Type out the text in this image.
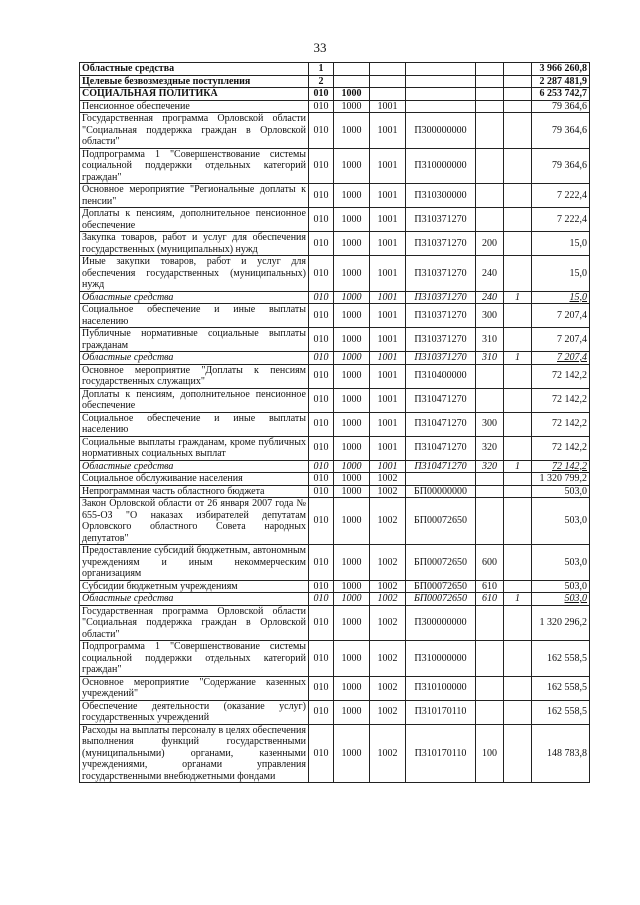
33
Областные средства	1						3 966 260,8
Целевые безвозмездные поступления	2						2 287 481,9
СОЦИАЛЬНАЯ ПОЛИТИКА	010	1000					6 253 742,7
Пенсионное обеспечение	010	1000	1001				79 364,6
Государственная программа Орловской области "Социальная поддержка граждан в Орловской области"	010	1000	1001	П300000000			79 364,6
Подпрограмма 1 "Совершенствование системы социальной поддержки отдельных категорий граждан"	010	1000	1001	П310000000			79 364,6
Основное мероприятие "Региональные доплаты к пенсии"	010	1000	1001	П310300000			7 222,4
Доплаты к пенсиям, дополнительное пенсионное обеспечение	010	1000	1001	П310371270			7 222,4
Закупка товаров, работ и услуг для обеспечения государственных (муниципальных) нужд	010	1000	1001	П310371270	200		15,0
Иные закупки товаров, работ и услуг для обеспечения государственных (муниципальных) нужд	010	1000	1001	П310371270	240		15,0
Областные средства	010	1000	1001	П310371270	240	1	15,0
Социальное обеспечение и иные выплаты населению	010	1000	1001	П310371270	300		7 207,4
Публичные нормативные социальные выплаты гражданам	010	1000	1001	П310371270	310		7 207,4
Областные средства	010	1000	1001	П310371270	310	1	7 207,4
Основное мероприятие "Доплаты к пенсиям государственных служащих"	010	1000	1001	П310400000			72 142,2
Доплаты к пенсиям, дополнительное пенсионное обеспечение	010	1000	1001	П310471270			72 142,2
Социальное обеспечение и иные выплаты населению	010	1000	1001	П310471270	300		72 142,2
Социальные выплаты гражданам, кроме публичных нормативных социальных выплат	010	1000	1001	П310471270	320		72 142,2
Областные средства	010	1000	1001	П310471270	320	1	72 142,2
Социальное обслуживание населения	010	1000	1002				1 320 799,2
Непрограммная часть областного бюджета	010	1000	1002	БП00000000			503,0
Закон Орловской области от 26 января 2007 года № 655-ОЗ "О наказах избирателей депутатам Орловского областного Совета народных депутатов"	010	1000	1002	БП00072650			503,0
Предоставление субсидий бюджетным, автономным учреждениям и иным некоммерческим организациям	010	1000	1002	БП00072650	600		503,0
Субсидии бюджетным учреждениям	010	1000	1002	БП00072650	610		503,0
Областные средства	010	1000	1002	БП00072650	610	1	503,0
Государственная программа Орловской области "Социальная поддержка граждан в Орловской области"	010	1000	1002	П300000000			1 320 296,2
Подпрограмма 1 "Совершенствование системы социальной поддержки отдельных категорий граждан"	010	1000	1002	П310000000			162 558,5
Основное мероприятие "Содержание казенных учреждений"	010	1000	1002	П310100000			162 558,5
Обеспечение деятельности (оказание услуг) государственных учреждений	010	1000	1002	П310170110			162 558,5
Расходы на выплаты персоналу в целях обеспечения выполнения функций государственными (муниципальными) органами, казенными учреждениями, органами управления государственными внебюджетными фондами	010	1000	1002	П310170110	100		148 783,8
